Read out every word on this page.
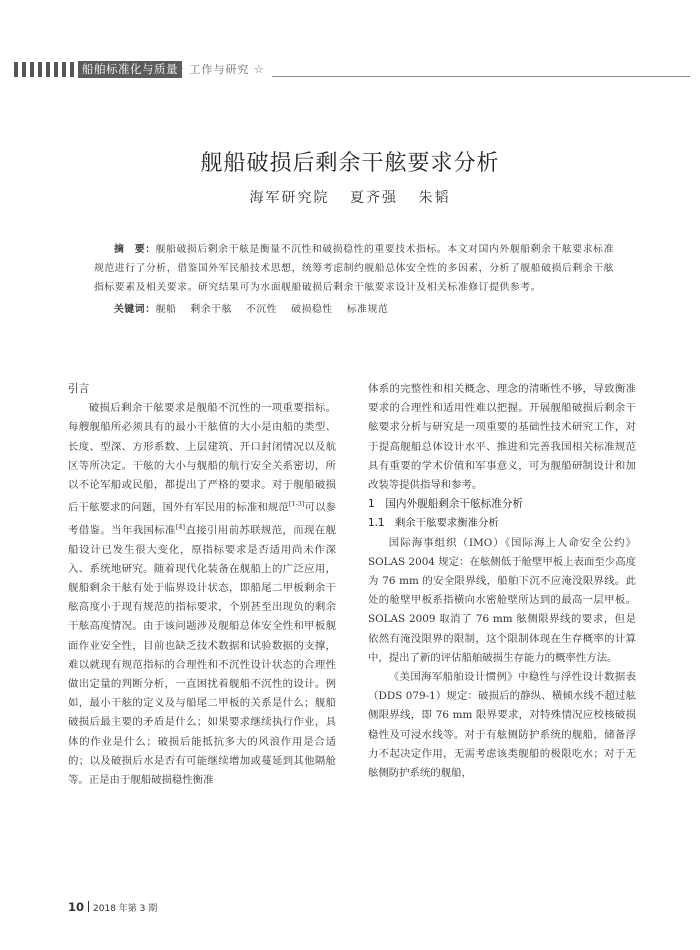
船舶标准化与质量
☆ 工作与研究 ☆
舰船破损后剩余干舷要求分析
海军研究院 夏齐强 朱韬

摘　要：舰船破损后剩余干舷是衡量不沉性和破损稳性的重要技术指标。本文对国内外舰船剩余干舷要求标准规范进行了分析，借鉴国外军民船技术思想，统筹考虑制约舰船总体安全性的多因素，分析了舰船破损后剩余干舷指标要素及相关要求。研究结果可为水面舰船破损后剩余干舷要求设计及相关标准修订提供参考。

关键词：舰船 剩余干舷 不沉性 破损稳性 标准规范

引言

破损后剩余干舷要求是舰船不沉性的一项重要指标。每艘舰船所必须具有的最小干舷值的大小是由船的类型、长度、型深、方形系数、上层建筑、开口封闭情况以及航区等所决定。干舷的大小与舰船的航行安全关系密切，所以不论军船或民船，都提出了严格的要求。对于舰船破损后干舷要求的问题，国外有军民用的标准和规范[1-3]可以参考借鉴。当年我国标准[4]直接引用前苏联规范，而现在舰船设计已发生很大变化，原指标要求是否适用尚未作深入、系统地研究。随着现代化装备在舰船上的广泛应用，舰船剩余干舷有处于临界设计状态，即船尾二甲板剩余干舷高度小于现有规范的指标要求，个别甚至出现负的剩余干舷高度情况。由于该问题涉及舰船总体安全性和甲板舰面作业安全性，目前也缺乏技术数据和试验数据的支撑，难以就现有规范指标的合理性和不沉性设计状态的合理性做出定量的判断分析，一直困扰着舰船不沉性的设计。例如，最小干舷的定义及与船尾二甲板的关系是什么；舰船破损后最主要的矛盾是什么；如果要求继续执行作业，具体的作业是什么；破损后能抵抗多大的风浪作用是合适的；以及破损后水是否有可能继续增加或蔓延到其他隔舱等。正是由于舰船破损稳性衡准

体系的完整性和相关概念、理念的清晰性不够，导致衡准要求的合理性和适用性难以把握。开展舰船破损后剩余干舷要求分析与研究是一项重要的基础性技术研究工作，对于提高舰船总体设计水平、推进和完善我国相关标准规范具有重要的学术价值和军事意义，可为舰船研制设计和加改装等提供指导和参考。

1　国内外舰船剩余干舷标准分析

1.1　剩余干舷要求衡准分析

国际海事组织（IMO）《国际海上人命安全公约》SOLAS 2004 规定：在舷侧低于舱壁甲板上表面至少高度为 76 mm 的安全限界线，船舶下沉不应淹没限界线。此处的舱壁甲板系指横向水密舱壁所达到的最高一层甲板。SOLAS 2009 取消了 76 mm 舷侧限界线的要求，但是依然有淹没限界的限制，这个限制体现在生存概率的计算中，提出了新的评估船舶破损生存能力的概率性方法。

《美国海军船舶设计惯例》中稳性与浮性设计数据表（DDS 079-1）规定：破损后的静纵、横倾水线不超过舷侧限界线，即 76 mm 限界要求，对特殊情况应校核破损稳性及可浸水线等。对于有舷侧防护系统的舰船，储备浮力不起决定作用，无需考虑该类舰船的极限吃水；对于无舷侧防护系统的舰船，

10 2018 年第 3 期
